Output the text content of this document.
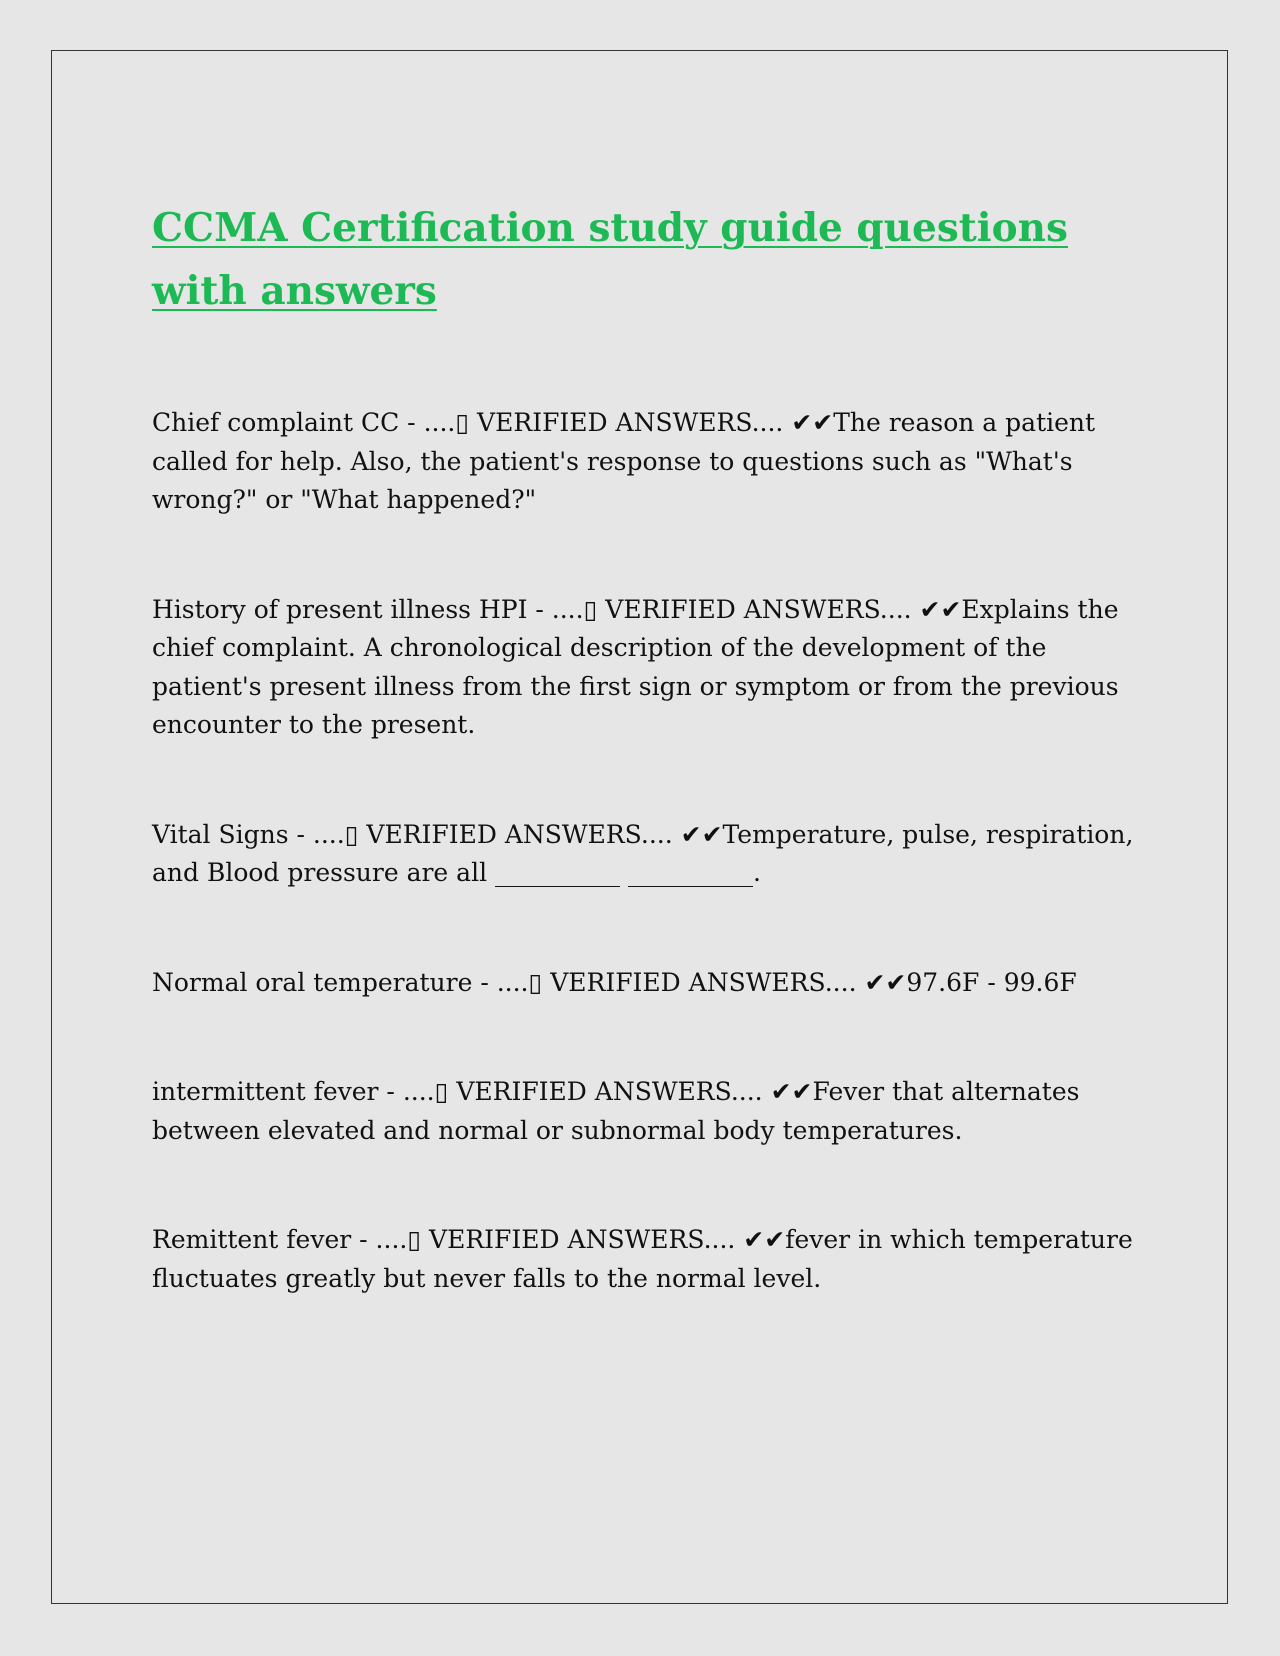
CCMA Certification study guide questions with answers

Chief complaint CC - ....▯ VERIFIED ANSWERS.... ✔✔The reason a patient called for help. Also, the patient's response to questions such as "What's wrong?" or "What happened?"

History of present illness HPI - ....▯ VERIFIED ANSWERS.... ✔✔Explains the chief complaint. A chronological description of the development of the patient's present illness from the first sign or symptom or from the previous encounter to the present.

Vital Signs - ....▯ VERIFIED ANSWERS.... ✔✔Temperature, pulse, respiration, and Blood pressure are all __________ __________.

Normal oral temperature - ....▯ VERIFIED ANSWERS.... ✔✔97.6F - 99.6F

intermittent fever - ....▯ VERIFIED ANSWERS.... ✔✔Fever that alternates between elevated and normal or subnormal body temperatures.

Remittent fever - ....▯ VERIFIED ANSWERS.... ✔✔fever in which temperature fluctuates greatly but never falls to the normal level.
